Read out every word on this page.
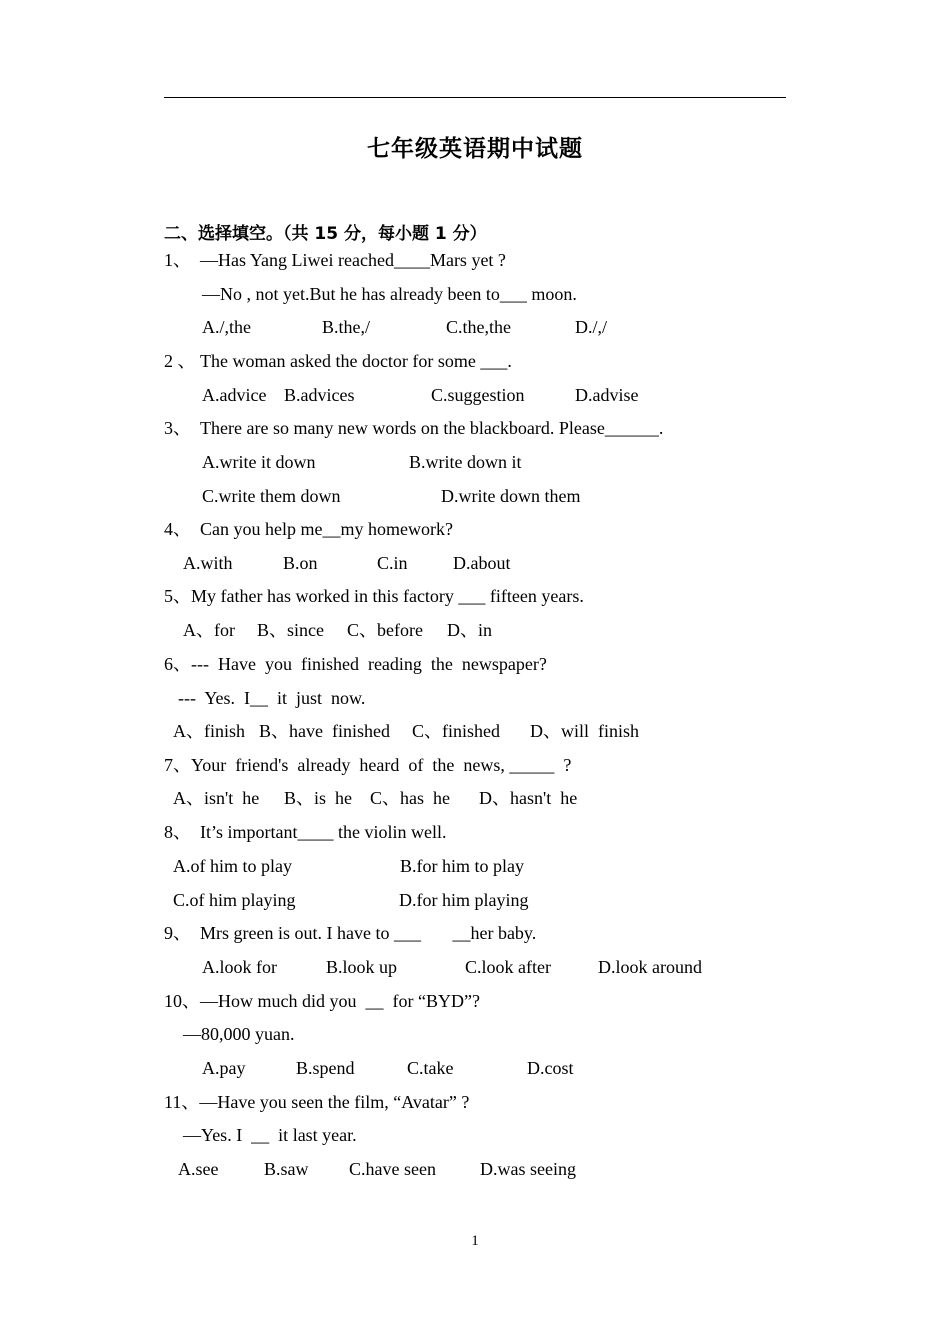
七年级英语期中试题
二、选择填空。（共 15 分，每小题 1 分）
1、  —Has Yang Liwei reached____Mars yet ?
—No , not yet.But he has already been to___ moon.
A./,the	B.the,/	C.the,the	D./,/
2 、 The woman asked the doctor for some ___.
A.advice B.advices	C.suggestion	D.advise
3、  There are so many new words on the blackboard. Please______.
A.write it down	B.write down it
C.write them down	D.write down them
4、  Can you help me__my homework?
A.with	B.on	C.in	D.about
5、My father has worked in this factory ___ fifteen years.
A、for B、since C、before D、in
6、---  Have  you  finished  reading  the  newspaper?
---  Yes.  I__  it  just  now.
A、finish B、have  finished C、finished D、will  finish
7、Your  friend's  already  heard  of  the  news, _____  ?
A、isn't  he B、is  he C、has  he D、hasn't  he
8、  It’s important____ the violin well.
A.of him to play	B.for him to play
C.of him playing	D.for him playing
9、  Mrs green is out. I have to ___       __her baby.
A.look for	B.look up	C.look after	D.look around
10、—How much did you  __  for “BYD”?
—80,000 yuan.
A.pay	B.spend	C.take	D.cost
11、—Have you seen the film, “Avatar” ?
—Yes. I  __  it last year.
A.see	B.saw C.have seen D.was seeing
1
